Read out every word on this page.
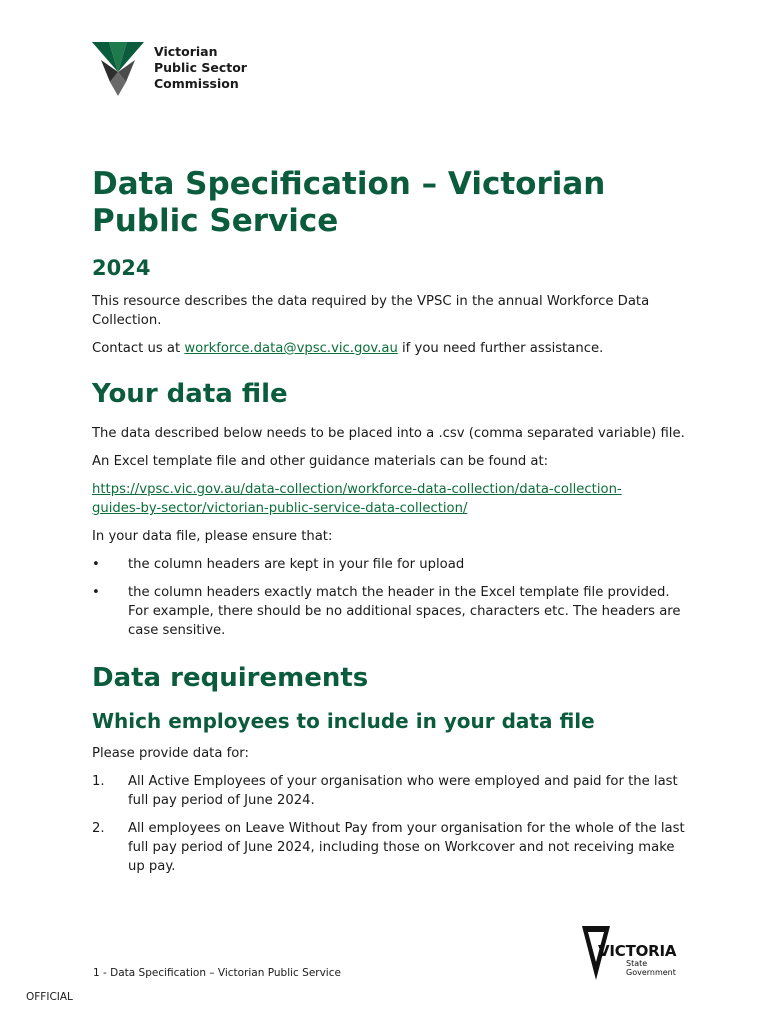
Victorian
Public Sector
Commission
Data Specification – Victorian
Public Service
2024

This resource describes the data required by the VPSC in the annual Workforce Data Collection.

Contact us at workforce.data@vpsc.vic.gov.au if you need further assistance.

Your data file

The data described below needs to be placed into a .csv (comma separated variable) file.

An Excel template file and other guidance materials can be found at:

https://vpsc.vic.gov.au/data-collection/workforce-data-collection/data-collection-
guides-by-sector/victorian-public-service-data-collection/

In your data file, please ensure that:

•	the column headers are kept in your file for upload
•	the column headers exactly match the header in the Excel template file provided. For example, there should be no additional spaces, characters etc. The headers are case sensitive.
Data requirements
Which employees to include in your data file

Please provide data for:

1.	All Active Employees of your organisation who were employed and paid for the last full pay period of June 2024.
2.	All employees on Leave Without Pay from your organisation for the whole of the last full pay period of June 2024, including those on Workcover and not receiving make up pay.
1 - Data Specification – Victorian Public Service
OFFICIAL
VICTORIA
State
Government
